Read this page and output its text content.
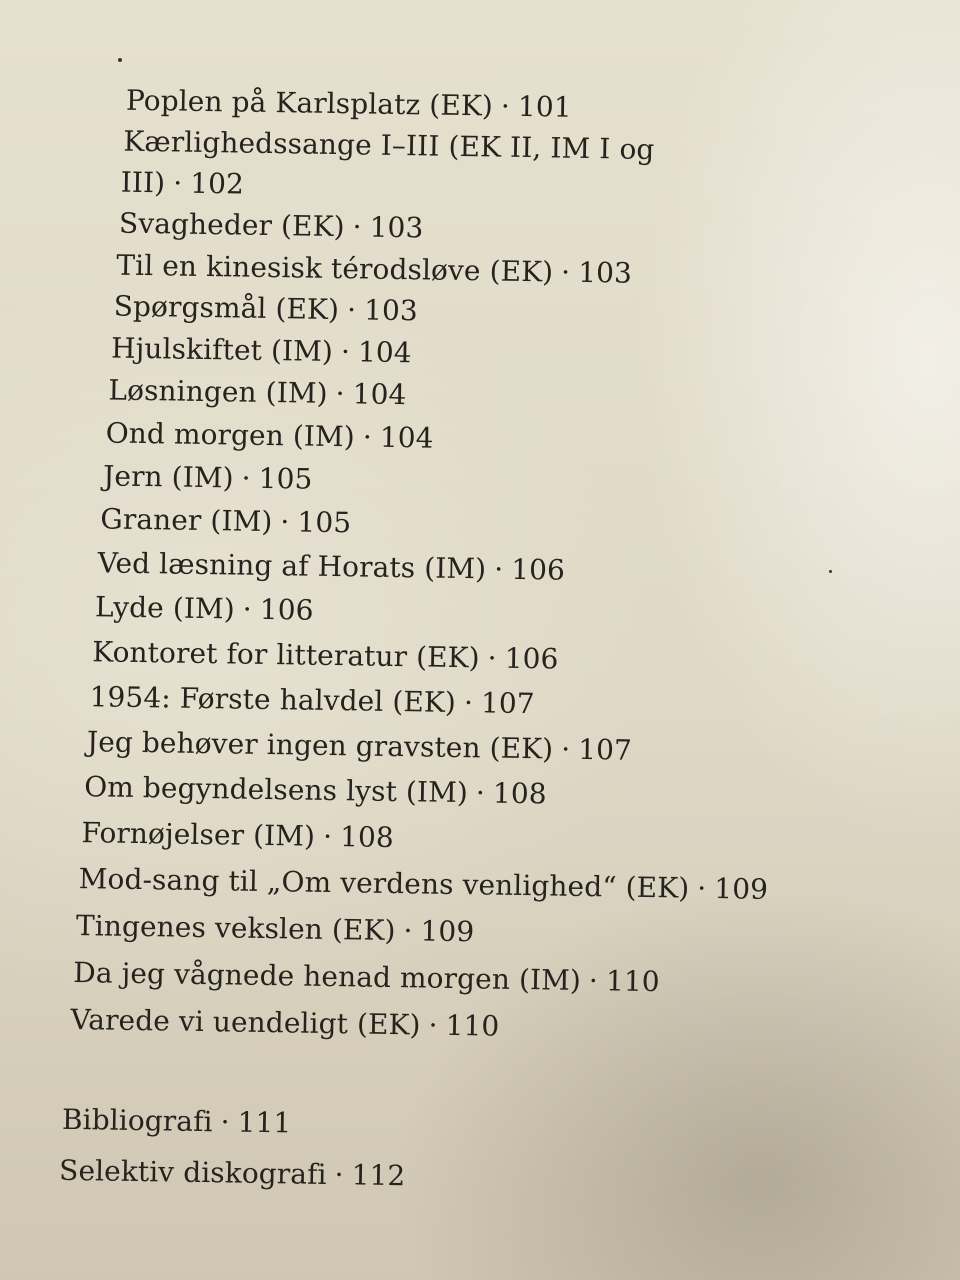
Poplen på Karlsplatz (EK) · 101
Kærlighedssange I–III (EK II, IM I og
III) · 102
Svagheder (EK) · 103
Til en kinesisk térodsløve (EK) · 103
Spørgsmål (EK) · 103
Hjulskiftet (IM) · 104
Løsningen (IM) · 104
Ond morgen (IM) · 104
Jern (IM) · 105
Graner (IM) · 105
Ved læsning af Horats (IM) · 106
Lyde (IM) · 106
Kontoret for litteratur (EK) · 106
1954: Første halvdel (EK) · 107
Jeg behøver ingen gravsten (EK) · 107
Om begyndelsens lyst (IM) · 108
Fornøjelser (IM) · 108
Mod-sang til „Om verdens venlighed“ (EK) · 109
Tingenes vekslen (EK) · 109
Da jeg vågnede henad morgen (IM) · 110
Varede vi uendeligt (EK) · 110
Bibliografi · 111
Selektiv diskografi · 112
